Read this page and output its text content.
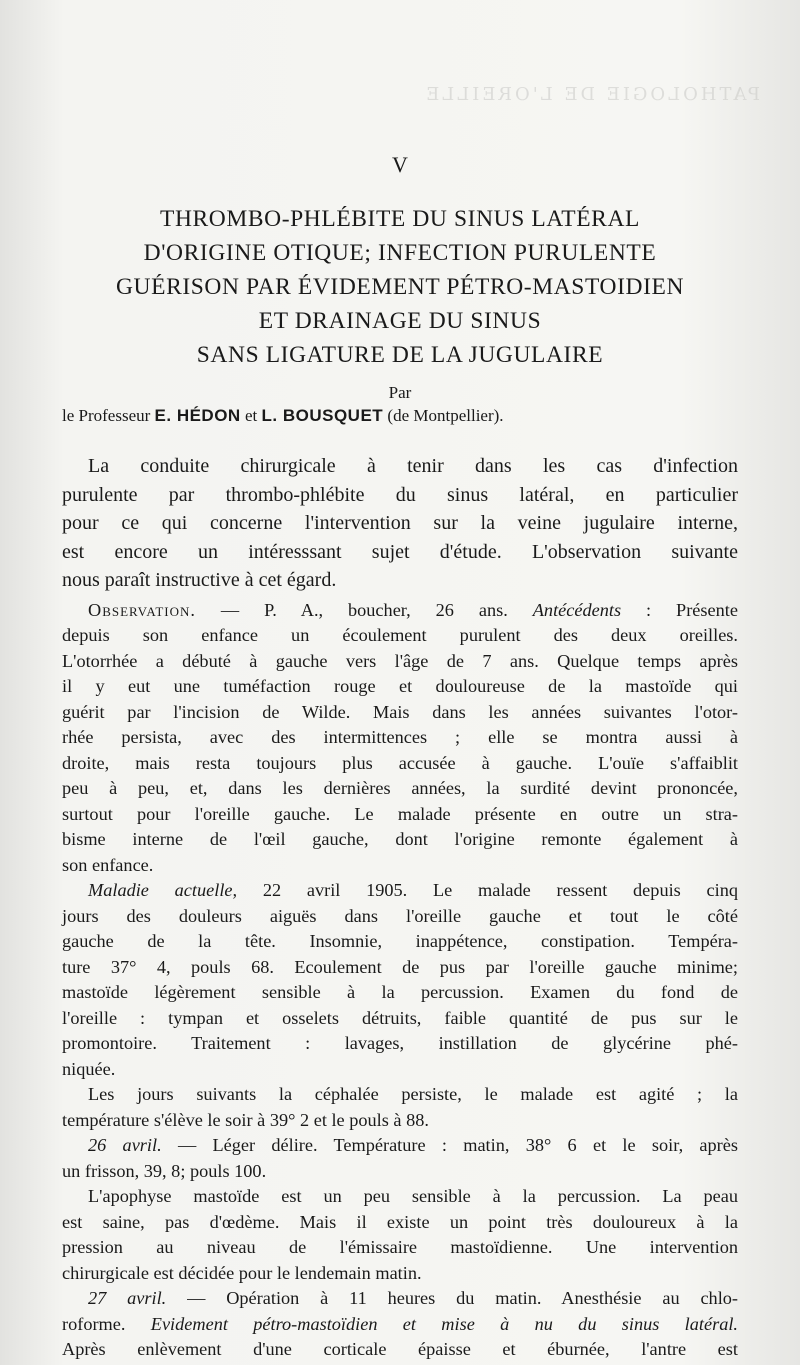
PATHOLOGIE DE L'OREILLE
V
THROMBO-PHLÉBITE DU SINUS LATÉRAL
D'ORIGINE OTIQUE; INFECTION PURULENTE
GUÉRISON PAR ÉVIDEMENT PÉTRO-MASTOIDIEN
ET DRAINAGE DU SINUS
SANS LIGATURE DE LA JUGULAIRE
Par
le Professeur E. HÉDON et L. BOUSQUET (de Montpellier).
La conduite chirurgicale à tenir dans les cas d'infection
purulente par thrombo-phlébite du sinus latéral, en particulier
pour ce qui concerne l'intervention sur la veine jugulaire interne,
est encore un intéresssant sujet d'étude. L'observation suivante
nous paraît instructive à cet égard.
Observation. — P. A., boucher, 26 ans. Antécédents : Présente
depuis son enfance un écoulement purulent des deux oreilles.
L'otorrhée a débuté à gauche vers l'âge de 7 ans. Quelque temps après
il y eut une tuméfaction rouge et douloureuse de la mastoïde qui
guérit par l'incision de Wilde. Mais dans les années suivantes l'otor-
rhée persista, avec des intermittences ; elle se montra aussi à
droite, mais resta toujours plus accusée à gauche. L'ouïe s'affaiblit
peu à peu, et, dans les dernières années, la surdité devint prononcée,
surtout pour l'oreille gauche. Le malade présente en outre un stra-
bisme interne de l'œil gauche, dont l'origine remonte également à
son enfance.
Maladie actuelle, 22 avril 1905. Le malade ressent depuis cinq
jours des douleurs aiguës dans l'oreille gauche et tout le côté
gauche de la tête. Insomnie, inappétence, constipation. Tempéra-
ture 37° 4, pouls 68. Ecoulement de pus par l'oreille gauche minime;
mastoïde légèrement sensible à la percussion. Examen du fond de
l'oreille : tympan et osselets détruits, faible quantité de pus sur le
promontoire. Traitement : lavages, instillation de glycérine phé-
niquée.
Les jours suivants la céphalée persiste, le malade est agité ; la
température s'élève le soir à 39° 2 et le pouls à 88.
26 avril. — Léger délire. Température : matin, 38° 6 et le soir, après
un frisson, 39, 8; pouls 100.
L'apophyse mastoïde est un peu sensible à la percussion. La peau
est saine, pas d'œdème. Mais il existe un point très douloureux à la
pression au niveau de l'émissaire mastoïdienne. Une intervention
chirurgicale est décidée pour le lendemain matin.
27 avril. — Opération à 11 heures du matin. Anesthésie au chlo-
roforme. Evidement pétro-mastoïdien et mise à nu du sinus latéral.
Après enlèvement d'une corticale épaisse et éburnée, l'antre est
